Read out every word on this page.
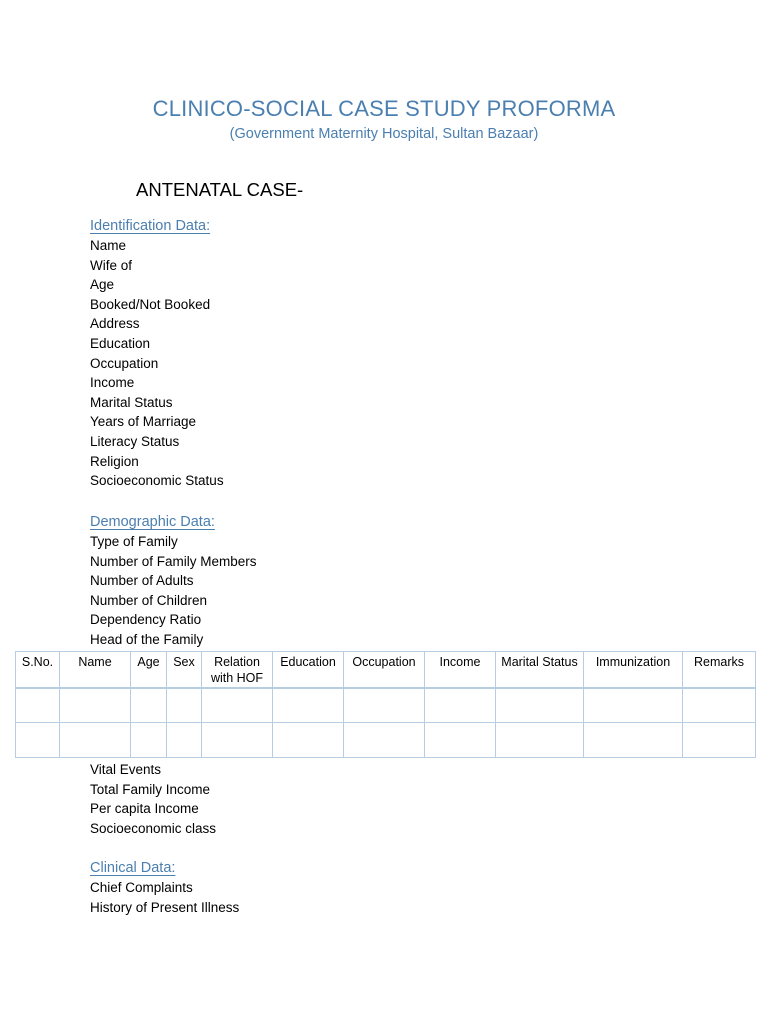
CLINICO-SOCIAL CASE STUDY PROFORMA
(Government Maternity Hospital, Sultan Bazaar)
ANTENATAL CASE-
Identification Data:
Name
Wife of
Age
Booked/Not Booked
Address
Education
Occupation
Income
Marital Status
Years of Marriage
Literacy Status
Religion
Socioeconomic Status
Demographic Data:
Type of Family
Number of Family Members
Number of Adults
Number of Children
Dependency Ratio
Head of the Family
S.No.	Name	Age	Sex	Relation with HOF	Education	Occupation	Income	Marital Status	Immunization	Remarks

Vital Events
Total Family Income
Per capita Income
Socioeconomic class
Clinical Data:
Chief Complaints
History of Present Illness
